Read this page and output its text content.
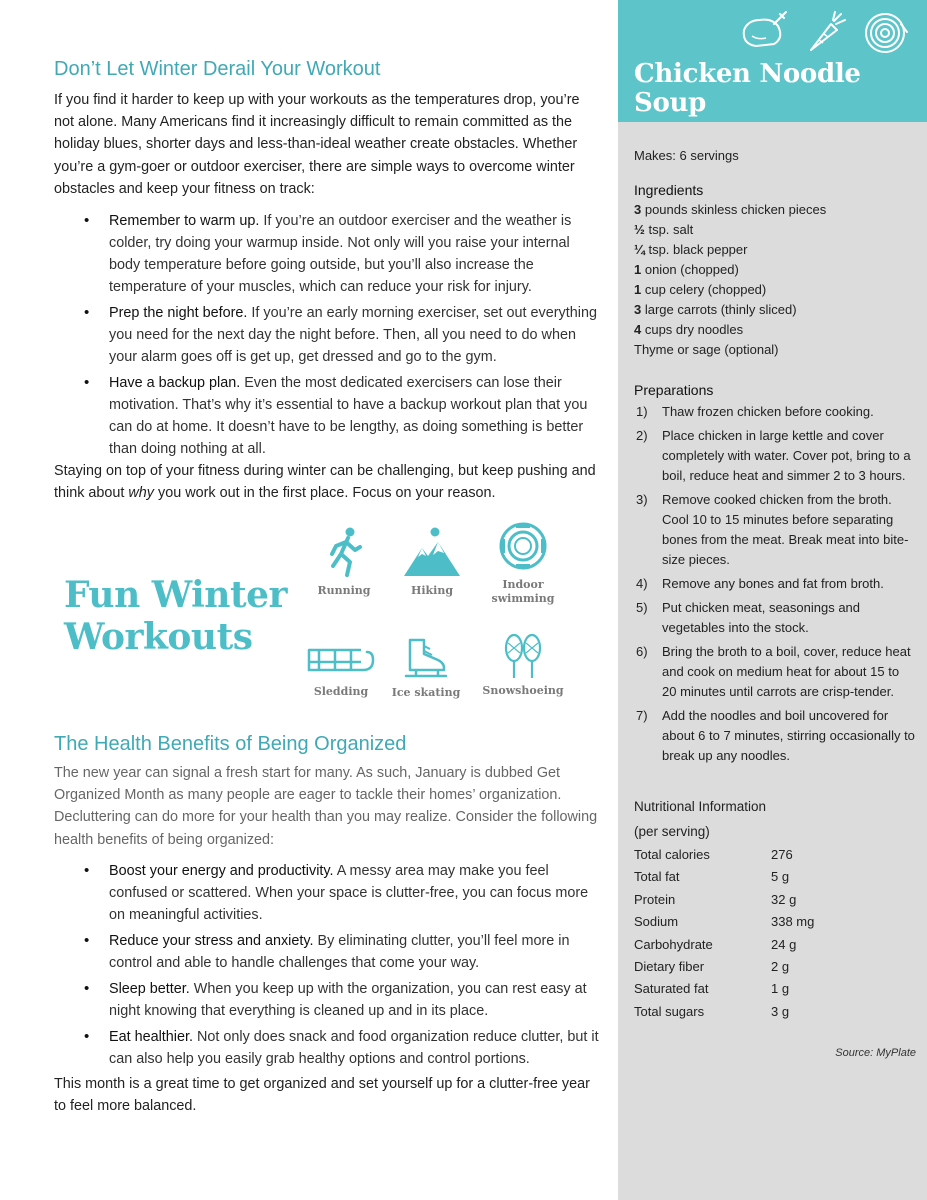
Don’t Let Winter Derail Your Workout

If you find it harder to keep up with your workouts as the temperatures drop, you’re not alone. Many Americans find it increasingly difficult to remain committed as the holiday blues, shorter days and less-than-ideal weather create obstacles. Whether you’re a gym-goer or outdoor exerciser, there are simple ways to overcome winter obstacles and keep your fitness on track:

• Remember to warm up. If you’re an outdoor exerciser and the weather is colder, try doing your warmup inside. Not only will you raise your internal body temperature before going outside, but you’ll also increase the temperature of your muscles, which can reduce your risk for injury.
• Prep the night before. If you’re an early morning exerciser, set out everything you need for the next day the night before. Then, all you need to do when your alarm goes off is get up, get dressed and go to the gym.
• Have a backup plan. Even the most dedicated exercisers can lose their motivation. That’s why it’s essential to have a backup workout plan that you can do at home. It doesn’t have to be lengthy, as doing something is better than doing nothing at all.

Staying on top of your fitness during winter can be challenging, but keep pushing and think about why you work out in the first place. Focus on your reason.

Fun Winter
Workouts
Running	Hiking	Indoor swimming
Sledding	Ice skating	Snowshoeing
The Health Benefits of Being Organized

The new year can signal a fresh start for many. As such, January is dubbed Get Organized Month as many people are eager to tackle their homes’ organization. Decluttering can do more for your health than you may realize. Consider the following health benefits of being organized:

• Boost your energy and productivity. A messy area may make you feel confused or scattered. When your space is clutter-free, you can focus more on meaningful activities.
• Reduce your stress and anxiety. By eliminating clutter, you’ll feel more in control and able to handle challenges that come your way.
• Sleep better. When you keep up with the organization, you can rest easy at night knowing that everything is cleaned up and in its place.
• Eat healthier. Not only does snack and food organization reduce clutter, but it can also help you easily grab healthy options and control portions.

This month is a great time to get organized and set yourself up for a clutter-free year to feel more balanced.

Chicken Noodle
Soup
Makes: 6 servings
Ingredients
3 pounds skinless chicken pieces
½ tsp. salt
¼ tsp. black pepper
1 onion (chopped)
1 cup celery (chopped)
3 large carrots (thinly sliced)
4 cups dry noodles
Thyme or sage (optional)
Preparations
1) Thaw frozen chicken before cooking.
2) Place chicken in large kettle and cover completely with water. Cover pot, bring to a boil, reduce heat and simmer 2 to 3 hours.
3) Remove cooked chicken from the broth. Cool 10 to 15 minutes before separating bones from the meat. Break meat into bite-size pieces.
4) Remove any bones and fat from broth.
5) Put chicken meat, seasonings and vegetables into the stock.
6) Bring the broth to a boil, cover, reduce heat and cook on medium heat for about 15 to 20 minutes until carrots are crisp-tender.
7) Add the noodles and boil uncovered for about 6 to 7 minutes, stirring occasionally to break up any noodles.
Nutritional Information
(per serving)
Total calories	276
Total fat	5 g
Protein	32 g
Sodium	338 mg
Carbohydrate	24 g
Dietary fiber	2 g
Saturated fat	1 g
Total sugars	3 g
Source: MyPlate
